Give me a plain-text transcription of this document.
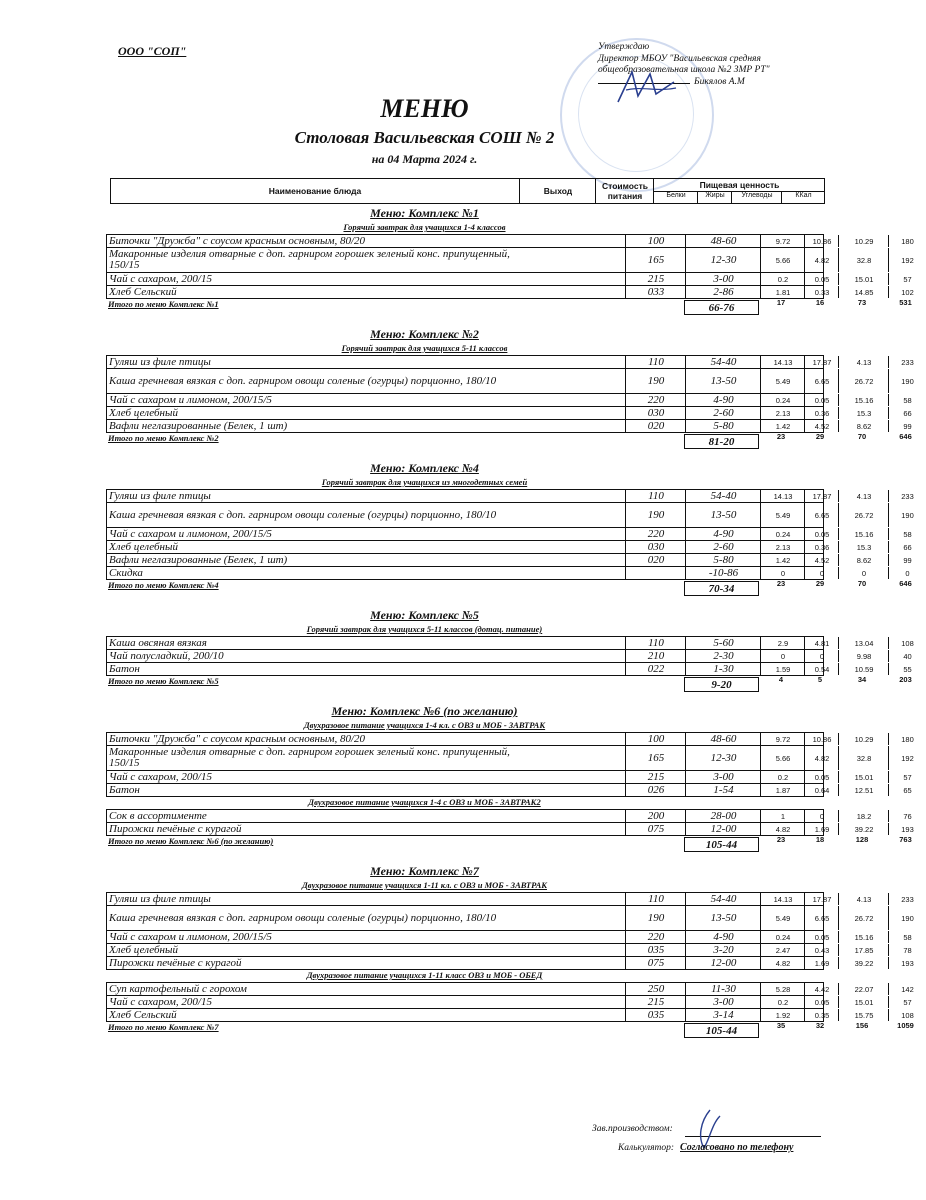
ООО "СОП"	Утверждаю
Директор МБОУ "Васильевская средняя
общеобразовательная школа №2 ЗМР РТ"
Бикялов А.М
МЕНЮ
Столовая Васильевская СОШ № 2
на 04 Марта 2024 г.
Наименование блюда	Выход	Стоимость питания
Пищевая ценность
Белки	Жиры	Углеводы	ККал
Меню: Комплекс №1
Горячий завтрак для учащихся 1-4 классов
Биточки "Дружба" с соусом красным основным, 80/20	100	48-60	9.72	10.86	10.29	180
Макаронные изделия отварные с доп. гарниром горошек зеленый конс. припущенный, 150/15	165	12-30	5.66	4.82	32.8	192
Чай с сахаром, 200/15	215	3-00	0.2	0.05	15.01	57
Хлеб Сельский	033	2-86	1.81	0.33	14.85	102
Итого по меню Комплекс №1	66-76	17	16	73	531
Меню: Комплекс №2
Горячий завтрак для учащихся 5-11 классов
Гуляш из филе птицы	110	54-40	14.13	17.87	4.13	233
Каша гречневая вязкая с доп. гарниром овощи соленые (огурцы) порционно, 180/10	190	13-50	5.49	6.65	26.72	190
Чай с сахаром и лимоном, 200/15/5	220	4-90	0.24	0.05	15.16	58
Хлеб целебный	030	2-60	2.13	0.36	15.3	66
Вафли неглазированные (Белек, 1 шт)	020	5-80	1.42	4.52	8.62	99
Итого по меню Комплекс №2	81-20	23	29	70	646
Меню: Комплекс №4
Горячий завтрак для учащихся из многодетных семей
Гуляш из филе птицы	110	54-40	14.13	17.87	4.13	233
Каша гречневая вязкая с доп. гарниром овощи соленые (огурцы) порционно, 180/10	190	13-50	5.49	6.65	26.72	190
Чай с сахаром и лимоном, 200/15/5	220	4-90	0.24	0.05	15.16	58
Хлеб целебный	030	2-60	2.13	0.36	15.3	66
Вафли неглазированные (Белек, 1 шт)	020	5-80	1.42	4.52	8.62	99
Скидка	-10-86	0	0	0	0
Итого по меню Комплекс №4	70-34	23	29	70	646
Меню: Комплекс №5
Горячий завтрак для учащихся 5-11 классов (дотац. питание)
Каша овсяная вязкая	110	5-60	2.9	4.81	13.04	108
Чай полусладкий, 200/10	210	2-30	0	0	9.98	40
Батон	022	1-30	1.59	0.54	10.59	55
Итого по меню Комплекс №5	9-20	4	5	34	203
Меню: Комплекс №6 (по желанию)
Двухразовое питание учащихся 1-4 кл. с ОВЗ и МОБ - ЗАВТРАК
Биточки "Дружба" с соусом красным основным, 80/20	100	48-60	9.72	10.86	10.29	180
Макаронные изделия отварные с доп. гарниром горошек зеленый конс. припущенный, 150/15	165	12-30	5.66	4.82	32.8	192
Чай с сахаром, 200/15	215	3-00	0.2	0.05	15.01	57
Батон	026	1-54	1.87	0.64	12.51	65
Двухразовое питание учащихся 1-4 с ОВЗ и МОБ - ЗАВТРАК2
Сок в ассортименте	200	28-00	1	0	18.2	76
Пирожки печёные с курагой	075	12-00	4.82	1.69	39.22	193
Итого по меню Комплекс №6 (по желанию)	105-44	23	18	128	763
Меню: Комплекс №7
Двухразовое питание учащихся 1-11 кл. с ОВЗ и МОБ - ЗАВТРАК
Гуляш из филе птицы	110	54-40	14.13	17.87	4.13	233
Каша гречневая вязкая с доп. гарниром овощи соленые (огурцы) порционно, 180/10	190	13-50	5.49	6.65	26.72	190
Чай с сахаром и лимоном, 200/15/5	220	4-90	0.24	0.05	15.16	58
Хлеб целебный	035	3-20	2.47	0.43	17.85	78
Пирожки печёные с курагой	075	12-00	4.82	1.69	39.22	193
Двухразовое питание учащихся 1-11 класс ОВЗ и МОБ - ОБЕД
Суп картофельный с горохом	250	11-30	5.28	4.42	22.07	142
Чай с сахаром, 200/15	215	3-00	0.2	0.05	15.01	57
Хлеб Сельский	035	3-14	1.92	0.35	15.75	108
Итого по меню Комплекс №7	105-44	35	32	156	1059
Зав.производством:
Калькулятор: Согласовано по телефону
